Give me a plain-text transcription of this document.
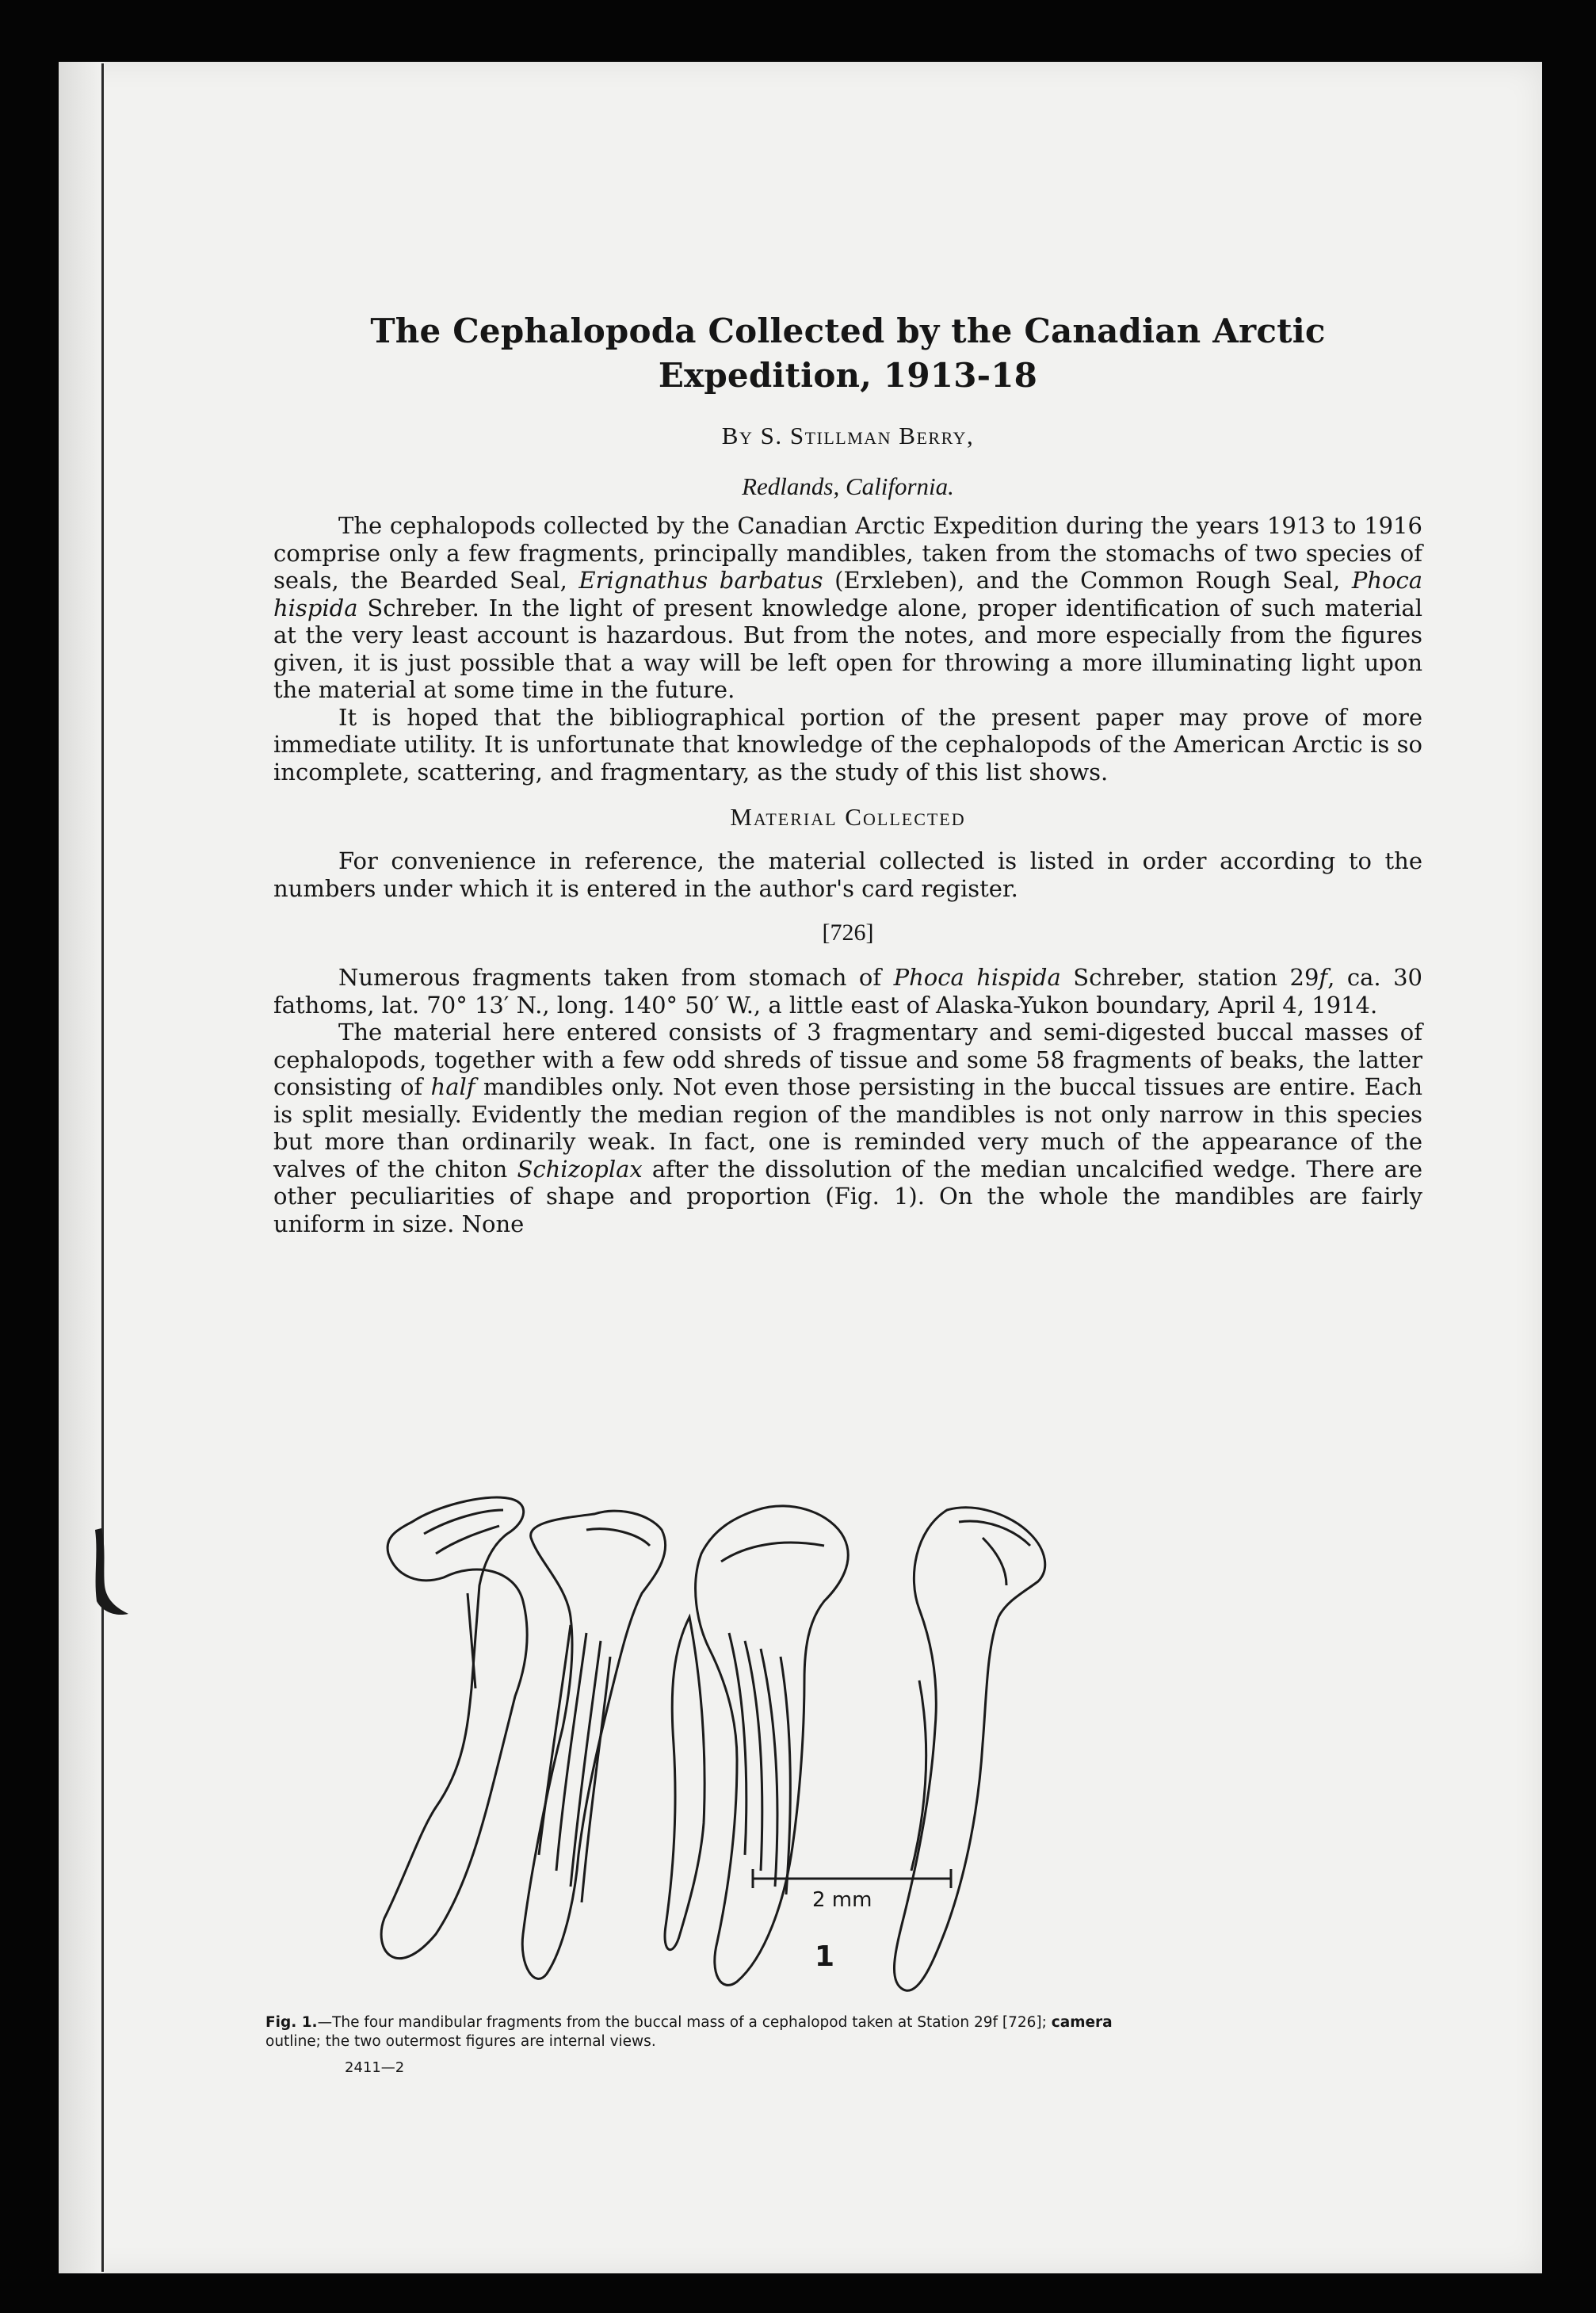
The Cephalopoda Collected by the Canadian Arctic
Expedition, 1913-18
By S. Stillman Berry,
Redlands, California.

The cephalopods collected by the Canadian Arctic Expedition during the years 1913 to 1916 comprise only a few fragments, principally mandibles, taken from the stomachs of two species of seals, the Bearded Seal, Erignathus barbatus (Erxleben), and the Common Rough Seal, Phoca hispida Schreber. In the light of present knowledge alone, proper identification of such material at the very least account is hazardous. But from the notes, and more especially from the figures given, it is just possible that a way will be left open for throwing a more illuminating light upon the material at some time in the future.

It is hoped that the bibliographical portion of the present paper may prove of more immediate utility. It is unfortunate that knowledge of the cephalopods of the American Arctic is so incomplete, scattering, and fragmentary, as the study of this list shows.

Material Collected

For convenience in reference, the material collected is listed in order according to the numbers under which it is entered in the author's card register.

[726]

Numerous fragments taken from stomach of Phoca hispida Schreber, station 29f, ca. 30 fathoms, lat. 70° 13′ N., long. 140° 50′ W., a little east of Alaska-Yukon boundary, April 4, 1914.

The material here entered consists of 3 fragmentary and semi-digested buccal masses of cephalopods, together with a few odd shreds of tissue and some 58 fragments of beaks, the latter consisting of half mandibles only. Not even those persisting in the buccal tissues are entire. Each is split mesially. Evidently the median region of the mandibles is not only narrow in this species but more than ordinarily weak. In fact, one is reminded very much of the appearance of the valves of the chiton Schizoplax after the dissolution of the median uncalcified wedge. There are other peculiarities of shape and proportion (Fig. 1). On the whole the mandibles are fairly uniform in size. None

2 mm
1
Fig. 1.—The four mandibular fragments from the buccal mass of a cephalopod taken at Station 29f [726]; camera
outline; the two outermost figures are internal views.
2411—2
